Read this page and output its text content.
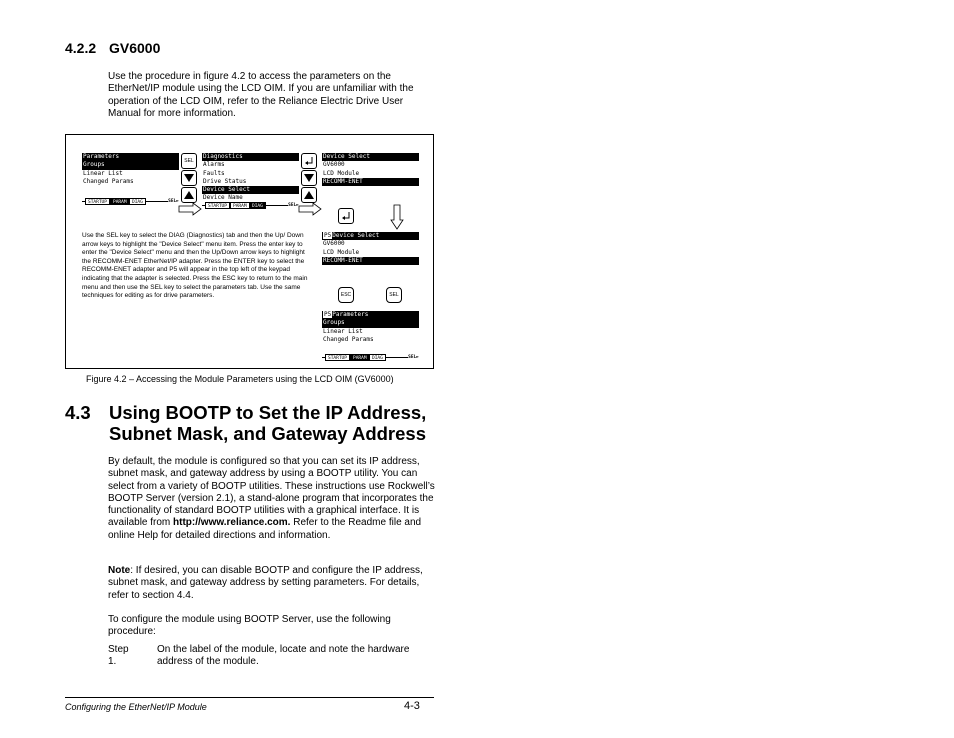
4.2.2 GV6000
Use the procedure in figure 4.2 to access the parameters on the EtherNet/IP module using the LCD OIM. If you are unfamiliar with the operation of the LCD OIM, refer to the Reliance Electric Drive User Manual for more information.
Parameters
Groups
Linear List
Changed Params
STARTUP	PARAM	DIAG	SEL►
SEL
Diagnostics
Alarms
Faults
Drive Status
Device Select
Device Name
STARTUP	PARAM	DIAG	SEL►
Device Select
GV6000
LCD Module
RECOMM-ENET
P5Device Select
GV6000
LCD Module
RECOMM-ENET
ESC	SEL
P5Parameters
Groups
Linear List
Changed Params
STARTUP	PARAM	DIAG	SEL►
Use the SEL key to select the DIAG (Diagnostics) tab and then the Up/ Down arrow keys to highlight the "Device Select" menu item. Press the enter key to enter the "Device Select" menu and then the Up/Down arrow keys to highlight the RECOMM-ENET EtherNet/IP adapter. Press the ENTER key to select the RECOMM-ENET adapter and P5 will appear in the top left of the keypad indicating that the adapter is selected. Press the ESC key to return to the main menu and then use the SEL key to select the parameters tab. Use the same techniques for editing as for drive parameters.
Figure 4.2 – Accessing the Module Parameters using the LCD OIM (GV6000)
4.3 Using BOOTP to Set the IP Address,
Subnet Mask, and Gateway Address
By default, the module is configured so that you can set its IP address, subnet mask, and gateway address by using a BOOTP utility. You can select from a variety of BOOTP utilities. These instructions use Rockwell’s BOOTP Server (version 2.1), a stand-alone program that incorporates the functionality of standard BOOTP utilities with a graphical interface. It is available from http://www.reliance.com. Refer to the Readme file and online Help for detailed directions and information.
Note: If desired, you can disable BOOTP and configure the IP address, subnet mask, and gateway address by setting parameters. For details, refer to section 4.4.
To configure the module using BOOTP Server, use the following procedure:
Step 1.
On the label of the module, locate and note the hardware address of the module.
Configuring the EtherNet/IP Module	4-3
